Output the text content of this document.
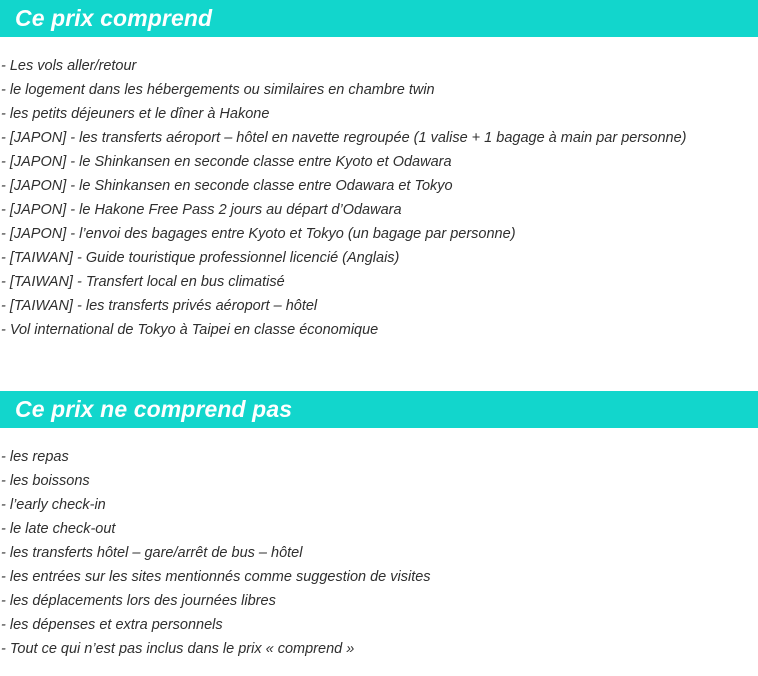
Ce prix comprend
- Les vols aller/retour
- le logement dans les hébergements ou similaires en chambre twin
- les petits déjeuners et le dîner à Hakone
- [JAPON] - les transferts aéroport – hôtel en navette regroupée (1 valise + 1 bagage à main par personne)
- [JAPON] - le Shinkansen en seconde classe entre Kyoto et Odawara
- [JAPON] - le Shinkansen en seconde classe entre Odawara et Tokyo
- [JAPON] - le Hakone Free Pass 2 jours au départ d’Odawara
- [JAPON] - l’envoi des bagages entre Kyoto et Tokyo (un bagage par personne)
- [TAIWAN] - Guide touristique professionnel licencié (Anglais)
- [TAIWAN] - Transfert local en bus climatisé
- [TAIWAN] - les transferts privés aéroport – hôtel
- Vol international de Tokyo à Taipei en classe économique
Ce prix ne comprend pas
- les repas
- les boissons
- l’early check-in
- le late check-out
- les transferts hôtel – gare/arrêt de bus – hôtel
- les entrées sur les sites mentionnés comme suggestion de visites
- les déplacements lors des journées libres
- les dépenses et extra personnels
- Tout ce qui n’est pas inclus dans le prix « comprend »
